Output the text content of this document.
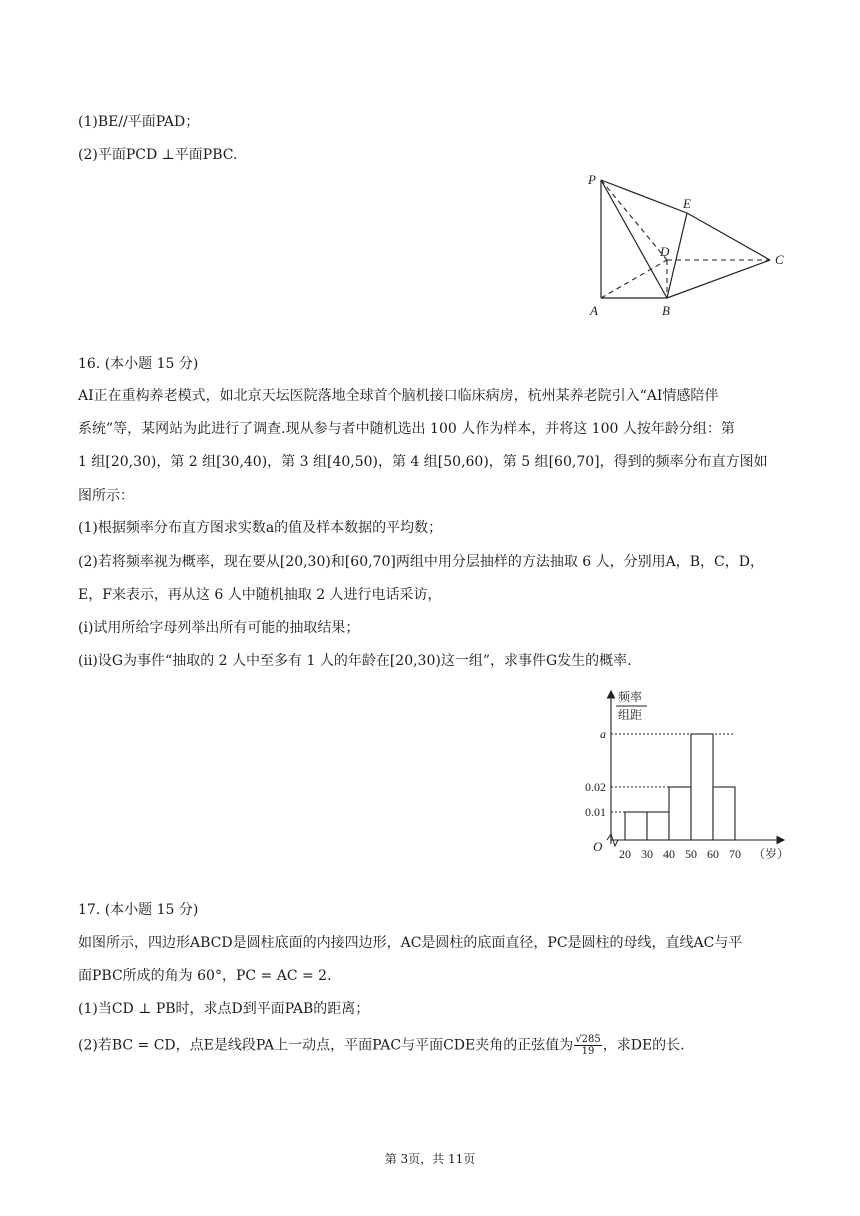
(1)BE//平面PAD；
(2)平面PCD ⊥平面PBC.
P
E
D
C
A	B
16. (本小题 15 分)
AI正在重构养老模式，如北京天坛医院落地全球首个脑机接口临床病房，杭州某养老院引入“AI情感陪伴
系统”等，某网站为此进行了调查.现从参与者中随机选出 100 人作为样本，并将这 100 人按年龄分组：第
1 组[20,30)，第 2 组[30,40)，第 3 组[40,50)，第 4 组[50,60)，第 5 组[60,70]，得到的频率分布直方图如
图所示：
(1)根据频率分布直方图求实数a的值及样本数据的平均数；
(2)若将频率视为概率，现在要从[20,30)和[60,70]两组中用分层抽样的方法抽取 6 人，分别用A，B，C，D，
E，F来表示，再从这 6 人中随机抽取 2 人进行电话采访，
(i)试用所给字母列举出所有可能的抽取结果；
(ii)设G为事件“抽取的 2 人中至多有 1 人的年龄在[20,30)这一组”，求事件G发生的概率.
频率
组距
O	（岁）
0.01
0.02
a
20 30 40 50 60 70
17. (本小题 15 分)
如图所示，四边形ABCD是圆柱底面的内接四边形，AC是圆柱的底面直径，PC是圆柱的母线，直线AC与平
面PBC所成的角为 60°，PC = AC = 2.
(1)当CD ⊥ PB时，求点D到平面PAB的距离；
(2)若BC = CD，点E是线段PA上一动点，平面PAC与平面CDE夹角的正弦值为 $\frac{√285}{19}$ ，求DE的长.
第 3页，共 11页
